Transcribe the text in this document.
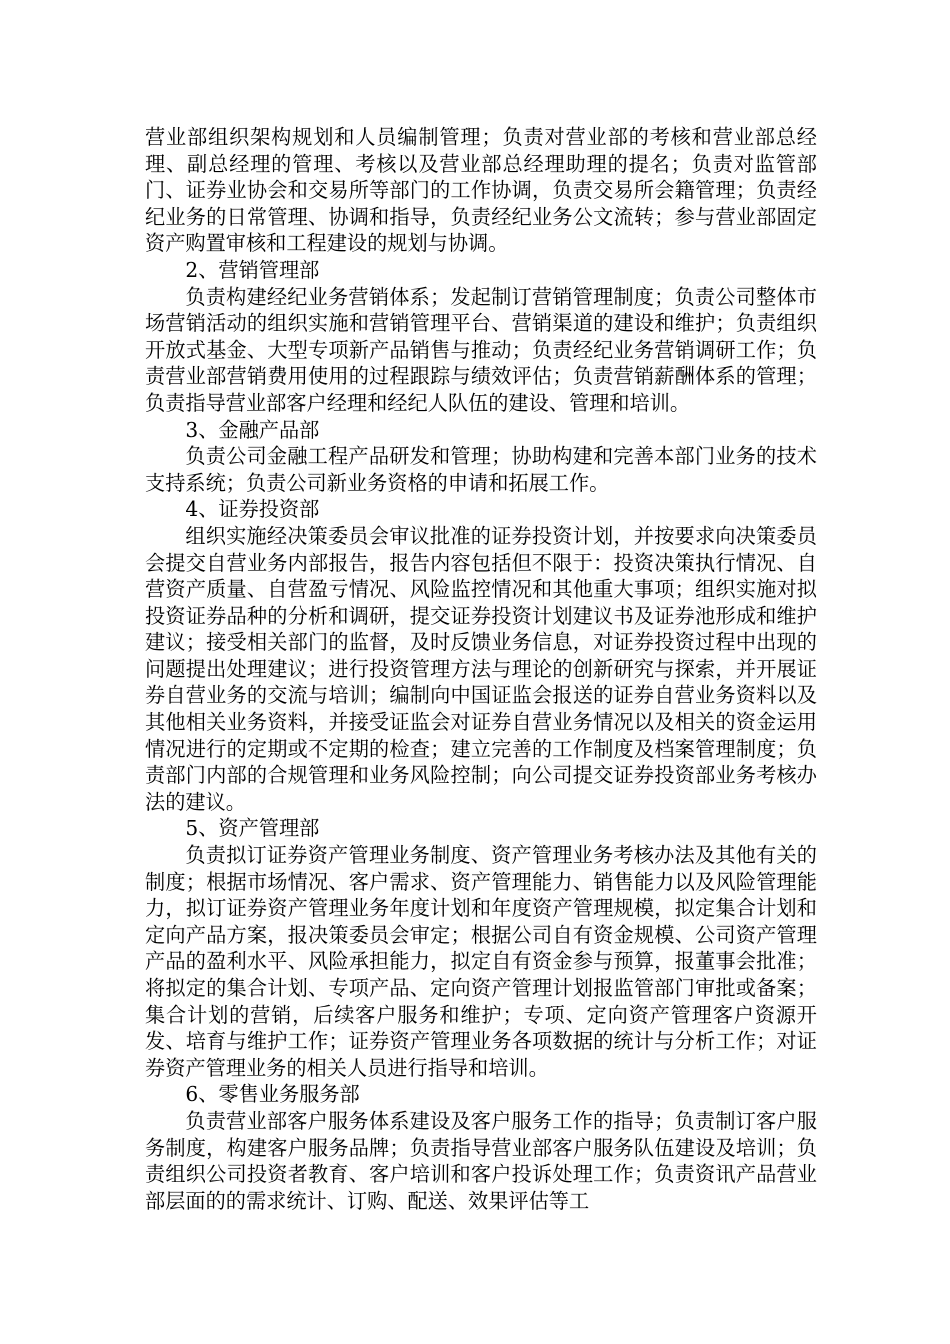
营业部组织架构规划和人员编制管理；负责对营业部的考核和营业部总经理、副总经理的管理、考核以及营业部总经理助理的提名；负责对监管部门、证券业协会和交易所等部门的工作协调，负责交易所会籍管理；负责经纪业务的日常管理、协调和指导，负责经纪业务公文流转；参与营业部固定资产购置审核和工程建设的规划与协调。

2、营销管理部

负责构建经纪业务营销体系；发起制订营销管理制度；负责公司整体市场营销活动的组织实施和营销管理平台、营销渠道的建设和维护；负责组织开放式基金、大型专项新产品销售与推动；负责经纪业务营销调研工作；负责营业部营销费用使用的过程跟踪与绩效评估；负责营销薪酬体系的管理；负责指导营业部客户经理和经纪人队伍的建设、管理和培训。

3、金融产品部

负责公司金融工程产品研发和管理；协助构建和完善本部门业务的技术支持系统；负责公司新业务资格的申请和拓展工作。

4、证券投资部

组织实施经决策委员会审议批准的证券投资计划，并按要求向决策委员会提交自营业务内部报告，报告内容包括但不限于：投资决策执行情况、自营资产质量、自营盈亏情况、风险监控情况和其他重大事项；组织实施对拟投资证券品种的分析和调研，提交证券投资计划建议书及证券池形成和维护建议；接受相关部门的监督，及时反馈业务信息，对证券投资过程中出现的问题提出处理建议；进行投资管理方法与理论的创新研究与探索，并开展证券自营业务的交流与培训；编制向中国证监会报送的证券自营业务资料以及其他相关业务资料，并接受证监会对证券自营业务情况以及相关的资金运用情况进行的定期或不定期的检查；建立完善的工作制度及档案管理制度；负责部门内部的合规管理和业务风险控制；向公司提交证券投资部业务考核办法的建议。

5、资产管理部

负责拟订证券资产管理业务制度、资产管理业务考核办法及其他有关的制度；根据市场情况、客户需求、资产管理能力、销售能力以及风险管理能力，拟订证券资产管理业务年度计划和年度资产管理规模，拟定集合计划和定向产品方案，报决策委员会审定；根据公司自有资金规模、公司资产管理产品的盈利水平、风险承担能力，拟定自有资金参与预算，报董事会批准；将拟定的集合计划、专项产品、定向资产管理计划报监管部门审批或备案；集合计划的营销，后续客户服务和维护；专项、定向资产管理客户资源开发、培育与维护工作；证券资产管理业务各项数据的统计与分析工作；对证券资产管理业务的相关人员进行指导和培训。

6、零售业务服务部

负责营业部客户服务体系建设及客户服务工作的指导；负责制订客户服务制度，构建客户服务品牌；负责指导营业部客户服务队伍建设及培训；负责组织公司投资者教育、客户培训和客户投诉处理工作；负责资讯产品营业部层面的的需求统计、订购、配送、效果评估等工
